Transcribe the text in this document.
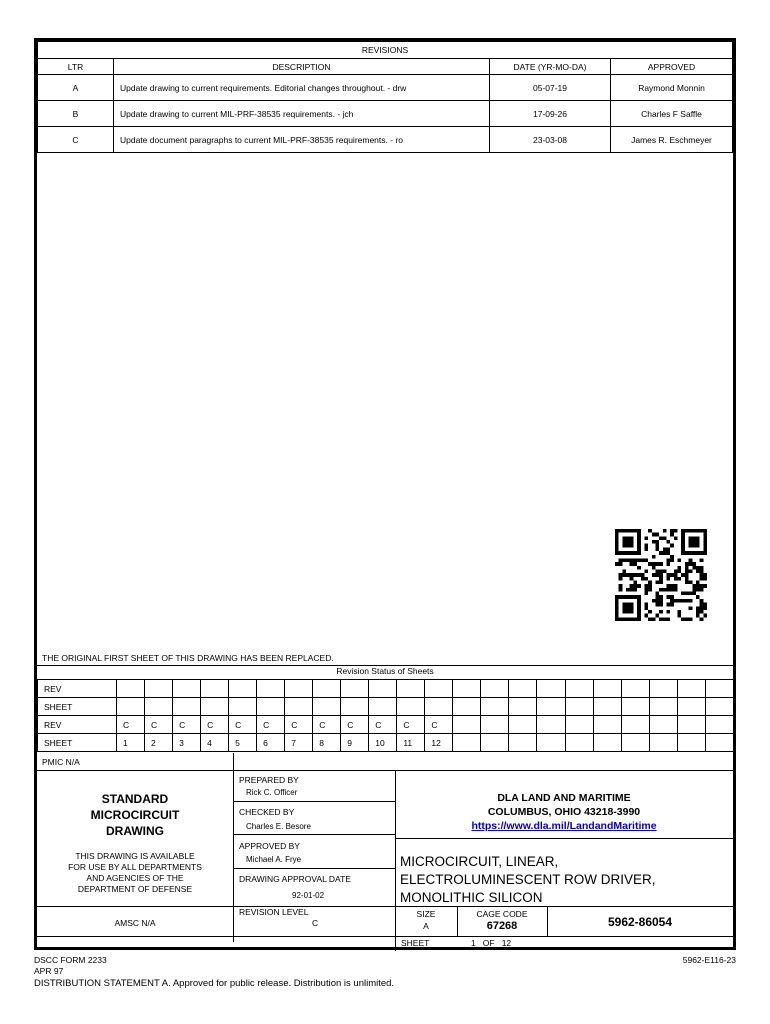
REVISIONS			
LTR	DESCRIPTION	DATE (YR-MO-DA)	APPROVED
A	Update drawing to current requirements. Editorial changes throughout. - drw	05-07-19	Raymond Monnin
B	Update drawing to current MIL-PRF-38535 requirements. - jch	17-09-26	Charles F Saffle
C	Update document paragraphs to current MIL-PRF-38535 requirements. - ro	23-03-08	James R. Eschmeyer
THE ORIGINAL FIRST SHEET OF THIS DRAWING HAS BEEN REPLACED.
Revision Status of Sheets
REV																						
SHEET																						
REV	C	C	C	C	C	C	C	C	C	C	C	C										
SHEET	1	2	3	4	5	6	7	8	9	10	11	12										
PMIC N/A
STANDARD
MICROCIRCUIT
DRAWING
THIS DRAWING IS AVAILABLE
FOR USE BY ALL DEPARTMENTS
AND AGENCIES OF THE
DEPARTMENT OF DEFENSE
AMSC N/A
PREPARED BY
Rick C. Officer
CHECKED BY
Charles E. Besore
APPROVED BY
Michael A. Frye
DRAWING APPROVAL DATE
92-01-02
REVISION LEVEL
C
DLA LAND AND MARITIME
COLUMBUS, OHIO 43218-3990
https://www.dla.mil/LandandMaritime
MICROCIRCUIT, LINEAR,
ELECTROLUMINESCENT ROW DRIVER,
MONOLITHIC SILICON
SIZE
A
CAGE CODE
67268	5962-86054
SHEET	1   OF   12
DSCC FORM 2233
APR 97
5962-E116-23
DISTRIBUTION STATEMENT A. Approved for public release. Distribution is unlimited.
